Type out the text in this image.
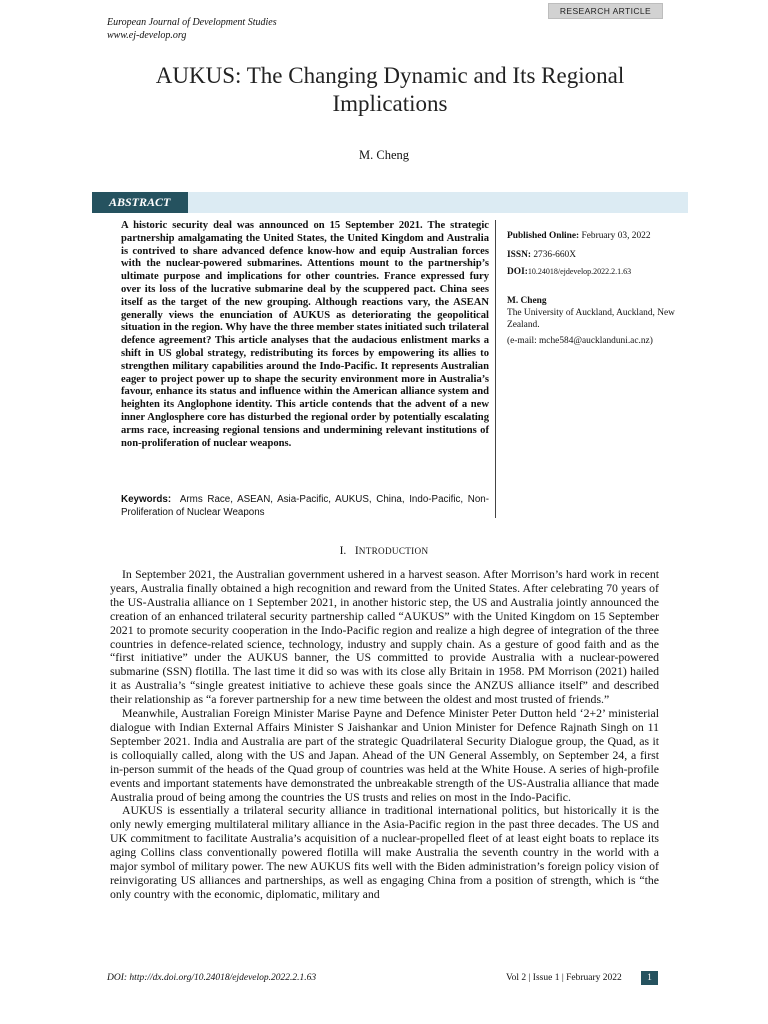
European Journal of Development Studies
www.ej-develop.org
RESEARCH ARTICLE
AUKUS: The Changing Dynamic and Its Regional Implications
M. Cheng
ABSTRACT

A historic security deal was announced on 15 September 2021. The strategic partnership amalgamating the United States, the United Kingdom and Australia is contrived to share advanced defence know-how and equip Australian forces with the nuclear-powered submarines. Attentions mount to the partnership’s ultimate purpose and implications for other countries. France expressed fury over its loss of the lucrative submarine deal by the scuppered pact. China sees itself as the target of the new grouping. Although reactions vary, the ASEAN generally views the enunciation of AUKUS as deteriorating the geopolitical situation in the region. Why have the three member states initiated such trilateral defence agreement? This article analyses that the audacious enlistment marks a shift in US global strategy, redistributing its forces by empowering its allies to strengthen military capabilities around the Indo-Pacific. It represents Australian eager to project power up to shape the security environment more in Australia’s favour, enhance its status and influence within the American alliance system and heighten its Anglophone identity. This article contends that the advent of a new inner Anglosphere core has disturbed the regional order by potentially escalating arms race, increasing regional tensions and undermining relevant institutions of non-proliferation of nuclear weapons.

Keywords: Arms Race, ASEAN, Asia-Pacific, AUKUS, China, Indo-Pacific, Non-Proliferation of Nuclear Weapons

Published Online: February 03, 2022
ISSN: 2736-660X
DOI:10.24018/ejdevelop.2022.2.1.63
M. Cheng
The University of Auckland, Auckland, New Zealand.

(e-mail: mche584@aucklanduni.ac.nz)
I. INTRODUCTION

In September 2021, the Australian government ushered in a harvest season. After Morrison’s hard work in recent years, Australia finally obtained a high recognition and reward from the United States. After celebrating 70 years of the US-Australia alliance on 1 September 2021, in another historic step, the US and Australia jointly announced the creation of an enhanced trilateral security partnership called “AUKUS” with the United Kingdom on 15 September 2021 to promote security cooperation in the Indo-Pacific region and realize a high degree of integration of the three countries in defence-related science, technology, industry and supply chain. As a gesture of good faith and as the “first initiative” under the AUKUS banner, the US committed to provide Australia with a nuclear-powered submarine (SSN) flotilla. The last time it did so was with its close ally Britain in 1958. PM Morrison (2021) hailed it as Australia’s “single greatest initiative to achieve these goals since the ANZUS alliance itself” and described their relationship as “a forever partnership for a new time between the oldest and most trusted of friends.”

Meanwhile, Australian Foreign Minister Marise Payne and Defence Minister Peter Dutton held ‘2+2’ ministerial dialogue with Indian External Affairs Minister S Jaishankar and Union Minister for Defence Rajnath Singh on 11 September 2021. India and Australia are part of the strategic Quadrilateral Security Dialogue group, the Quad, as it is colloquially called, along with the US and Japan. Ahead of the UN General Assembly, on September 24, a first in-person summit of the heads of the Quad group of countries was held at the White House. A series of high-profile events and important statements have demonstrated the unbreakable strength of the US-Australia alliance that made Australia proud of being among the countries the US trusts and relies on most in the Indo-Pacific.

AUKUS is essentially a trilateral security alliance in traditional international politics, but historically it is the only newly emerging multilateral military alliance in the Asia-Pacific region in the past three decades. The US and UK commitment to facilitate Australia’s acquisition of a nuclear-propelled fleet of at least eight boats to replace its aging Collins class conventionally powered flotilla will make Australia the seventh country in the world with a major symbol of military power. The new AUKUS fits well with the Biden administration’s foreign policy vision of reinvigorating US alliances and partnerships, as well as engaging China from a position of strength, which is “the only country with the economic, diplomatic, military and

DOI: http://dx.doi.org/10.24018/ejdevelop.2022.2.1.63	Vol 2 | Issue 1 | February 2022	1
